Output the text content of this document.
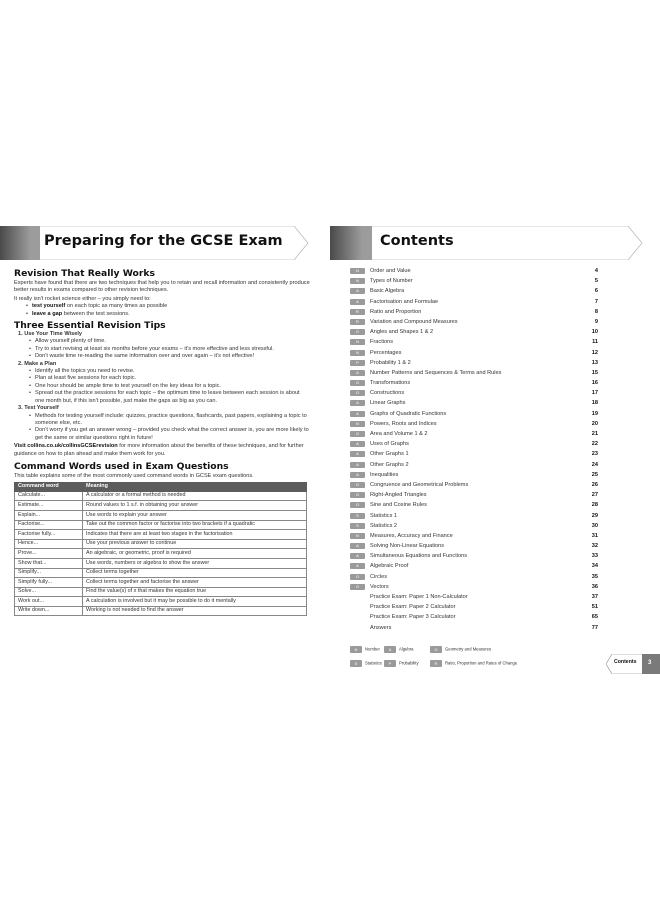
Preparing for the GCSE Exam
Revision That Really Works
Experts have found that there are two techniques that help you to retain and recall information and consistently produce better results in exams compared to other revision techniques.
It really isn't rocket science either – you simply need to:
• test yourself on each topic as many times as possible
• leave a gap between the test sessions.
Three Essential Revision Tips
1. Use Your Time Wisely
• Allow yourself plenty of time.
• Try to start revising at least six months before your exams – it's more effective and less stressful.
• Don't waste time re-reading the same information over and over again – it's not effective!
2. Make a Plan
• Identify all the topics you need to revise.
• Plan at least five sessions for each topic.
• One hour should be ample time to test yourself on the key ideas for a topic.
• Spread out the practice sessions for each topic – the optimum time to leave between each session is about one month but, if this isn't possible, just make the gaps as big as you can.
3. Test Yourself
• Methods for testing yourself include: quizzes, practice questions, flashcards, past papers, explaining a topic to someone else, etc.
• Don't worry if you get an answer wrong – provided you check what the correct answer is, you are more likely to get the same or similar questions right in future!
Visit collins.co.uk/collinsGCSErevision for more information about the benefits of these techniques, and for further guidance on how to plan ahead and make them work for you.
Command Words used in Exam Questions
This table explains some of the most commonly used command words in GCSE exam questions.
Command word	Meaning
Calculate...	A calculator or a formal method is needed
Estimate...	Round values to 1 s.f. in obtaining your answer
Explain...	Use words to explain your answer
Factorise...	Take out the common factor or factorise into two brackets if a quadratic
Factorise fully...	Indicates that there are at least two stages in the factorisation
Hence...	Use your previous answer to continue
Prove...	An algebraic, or geometric, proof is required
Show that...	Use words, numbers or algebra to show the answer
Simplify...	Collect terms together
Simplify fully...	Collect terms together and factorise the answer
Solve...	Find the value(s) of x that makes the equation true
Work out...	A calculation is involved but it may be possible to do it mentally
Write down...	Working is not needed to find the answer
Contents
N	Order and Value	4
N	Types of Number	5
A	Basic Algebra	6
A	Factorisation and Formulae	7
R	Ratio and Proportion	8
R	Variation and Compound Measures	9
G	Angles and Shapes 1 & 2	10
N	Fractions	11
N	Percentages	12
P	Probability 1 & 2	13
A	Number Patterns and Sequences & Terms and Rules	15
G	Transformations	16
G	Constructions	17
A	Linear Graphs	18
A	Graphs of Quadratic Functions	19
N	Powers, Roots and Indices	20
G	Area and Volume 1 & 2	21
A	Uses of Graphs	22
A	Other Graphs 1	23
A	Other Graphs 2	24
A	Inequalities	25
G	Congruence and Geometrical Problems	26
G	Right-Angled Triangles	27
G	Sine and Cosine Rules	28
S	Statistics 1	29
S	Statistics 2	30
N	Measures, Accuracy and Finance	31
A	Solving Non-Linear Equations	32
A	Simultaneous Equations and Functions	33
A	Algebraic Proof	34
G	Circles	35
G	Vectors	36
Practice Exam: Paper 1 Non-Calculator	37
Practice Exam: Paper 2 Calculator	51
Practice Exam: Paper 3 Calculator	65
Answers	77
N Number	A Algebra	G Geometry and Measures
S Statistics	P Probability	R Ratio, Proportion and Rates of Change	Contents 3
